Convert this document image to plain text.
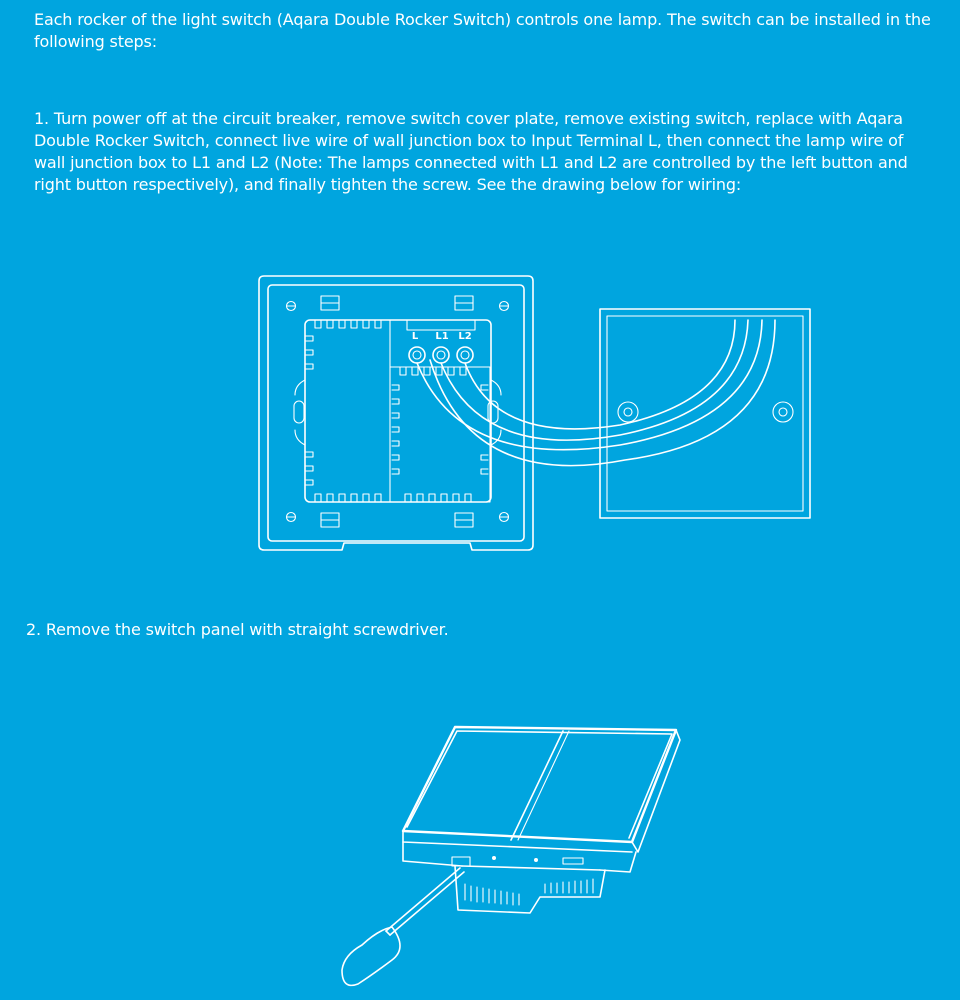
Each rocker of the light switch (Aqara Double Rocker Switch) controls one lamp. The switch can be installed in the following steps:

1. Turn power off at the circuit breaker, remove switch cover plate, remove existing switch, replace with Aqara Double Rocker Switch, connect live wire of wall junction box to Input Terminal L, then connect the lamp wire of wall junction box to L1 and L2 (Note: The lamps connected with L1 and L2 are controlled by the left button and right button respectively), and finally tighten the screw. See the drawing below for wiring:

L L1 L2

2. Remove the switch panel with straight screwdriver.
